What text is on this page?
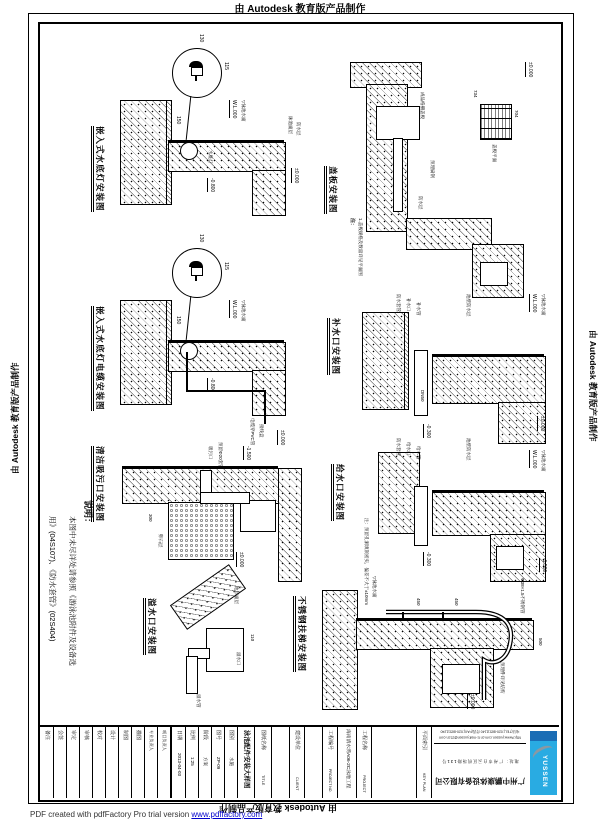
由 Autodesk 教育版产品制作
由 Autodesk 教育版产品制作	由 Autodesk 教育版产品制作
由 Autodesk 教育版产品制作
嵌入式水底灯安装图
130
115
150
W.L.000 ▽泳池水面
水底灯
-0.800
±0.000
泳池面层 防水层
盖板安装图
成品格栅盖板
预埋扁钢
防水层
704
734
盖板平面
±0.000
注： 1.盖板规格及数量详见平面图
嵌入式水底灯电缆安装图
130
115
150
W.L.000 ▽泳池水面
-0.800
电缆穿PVC管 接线盒	±0.000
补水口安装图
防水套管 补水口 补水管	池壁防水层	W.L.000 ▽泳池水面
DN50
-0.300	±0.000
清洁吸污口安装图	吸污口 预留Φ20套管
卵石层
300
-1.500
±0.000
给水口安装图
防水套管 给水口 给水管	池壁防水层
注：预留孔洞填嵌密实，偏差不大于±10mm
W.L.000 ▽泳池水面
-0.300	-1.500
溢水口安装图
池岸面层
溢水口
溢水管
110	不锈钢扶梯安装图	450	450
500
Φ38×1.5不锈钢管
预埋件详见结构
▽泳池水面
±0.000
说明：
本图中未尽详处请参照《游泳池附件及设备选
用》(04S107)、《防水套管》(02S404)
备注 会签 审定 审核 校对 设计 制图 描图 专业负责人 项目负责人 日期
2013-04-03
比例
1:25
阶段
方案
图号
ZP-09
图别
水施 泳池配件安装大样图 图纸名称
TITLE
建设单位
CLIENT
工程编号
PROJECT NO.	海南清水湾A06-2C泳池工程 工程名称
PROJECT
平面索引
KEY PLAN
电话(TEL):020-86511140 传真(FAX):020-86511240
http://www.yussen.com.cn E-mail:yussen@21cn.com
地址：广州市白云区机场路131号
广州中鹏康体设备有限公司 YUSSEN
PDF created with pdfFactory Pro trial version www.pdffactory.com
